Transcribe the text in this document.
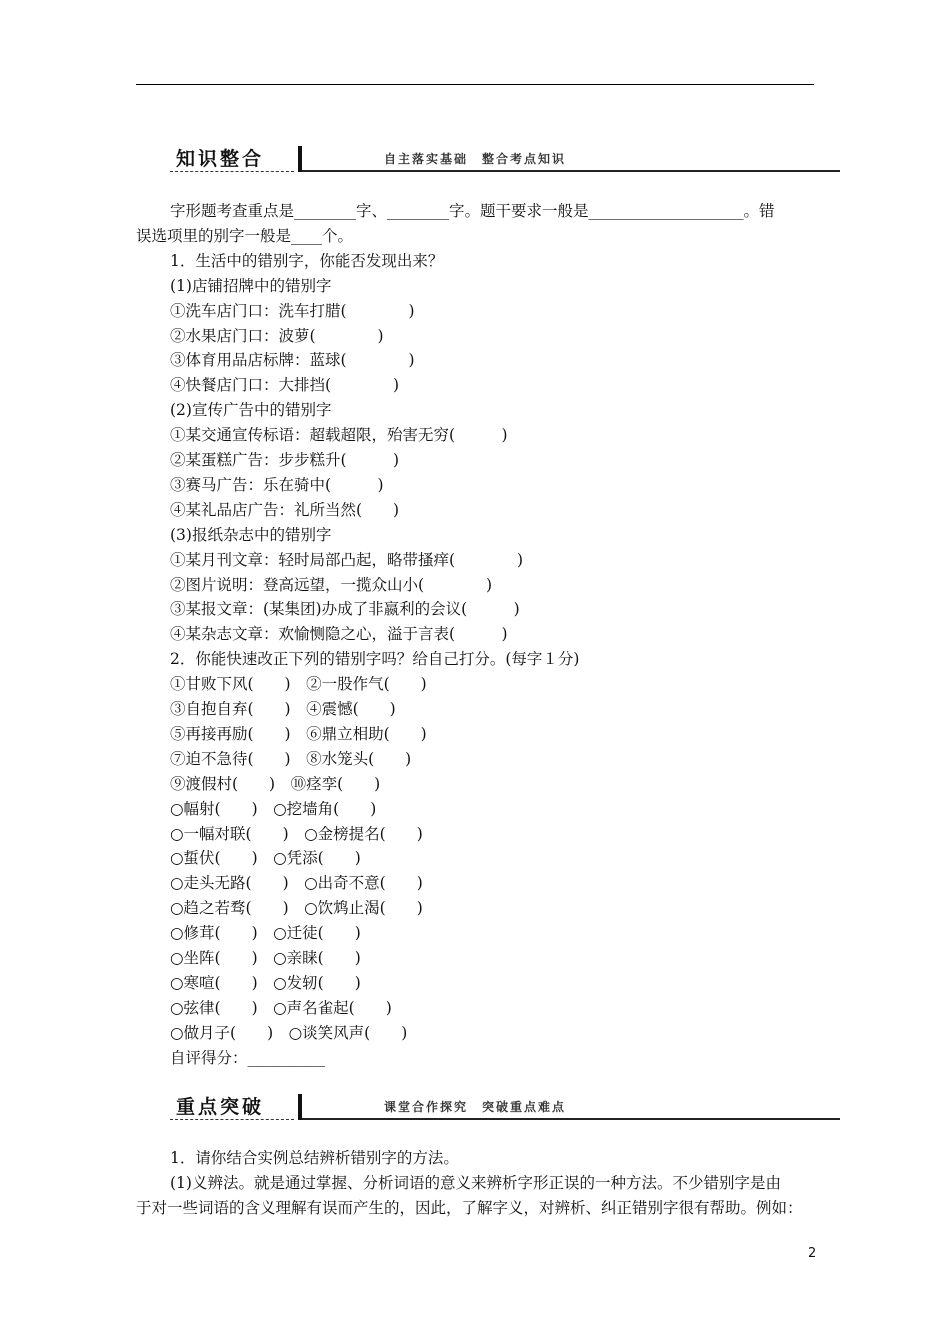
知识整合	自主落实基础　整合考点知识
字形题考查重点是________字、________字。题干要求一般是____________________。错
误选项里的别字一般是____个。
1．生活中的错别字，你能否发现出来？
(1)店铺招牌中的错别字
①洗车店门口：洗车打腊(　　　　)
②水果店门口：波萝(　　　　)
③体育用品店标牌：蓝球(　　　　)
④快餐店门口：大排挡(　　　　)
(2)宣传广告中的错别字
①某交通宣传标语：超载超限，殆害无穷(　　　)
②某蛋糕广告：步步糕升(　　　)
③赛马广告：乐在骑中(　　　)
④某礼品店广告：礼所当然(　　)
(3)报纸杂志中的错别字
①某月刊文章：轻时局部凸起，略带搔痒(　　　　)
②图片说明：登高远望，一揽众山小(　　　　)
③某报文章：(某集团)办成了非嬴利的会议(　　　)
④某杂志文章：欢愉恻隐之心，溢于言表(　　　)
2．你能快速改正下列的错别字吗？给自己打分。(每字１分)
①甘败下风(　　)　②一股作气(　　)
③自抱自弃(　　)　④震憾(　　)
⑤再接再励(　　)　⑥鼎立相助(　　)
⑦迫不急待(　　)　⑧水笼头(　　)
⑨渡假村(　　)　⑩痉孪(　　)
○幅射(　　)　○挖墙角(　　)
○一幅对联(　　)　○金榜提名(　　)
○蜇伏(　　)　○凭添(　　)
○走头无路(　　)　○出奇不意(　　)
○趋之若骛(　　)　○饮鸩止渴(　　)
○修茸(　　)　○迁徒(　　)
○坐阵(　　)　○亲睐(　　)
○寒喧(　　)　○发轫(　　)
○弦律(　　)　○声名雀起(　　)
○做月子(　　)　○谈笑风声(　　)
自评得分：__________
重点突破	课堂合作探究　突破重点难点
1．请你结合实例总结辨析错别字的方法。
(1)义辨法。就是通过掌握、分析词语的意义来辨析字形正误的一种方法。不少错别字是由
于对一些词语的含义理解有误而产生的，因此，了解字义，对辨析、纠正错别字很有帮助。例如：
2
